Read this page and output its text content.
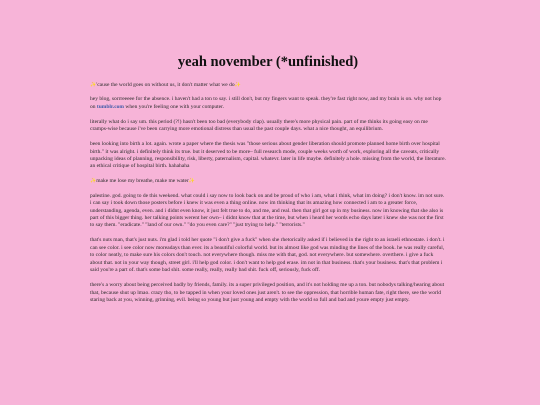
yeah november (*unfinished)

✨'cause the world goes on without us, it don't matter what we do✨

hey blog, sorrreeeee for the absence. i haven't had a ton to say. i still don't, but my fingers want to speak. they're fast right now, and my brain is on. why not hop on tumblr.com when you're feeling one with your computer.

literally what do i say um. this period (?!) hasn't been too bad (everybody clap). usually there's more physical pain. part of me thinks its going easy on me cramps-wise because i've been carrying more emotional distress than usual the past couple days. what a nice thought, an equilibrium.

been looking into birth a lot. again. wrote a paper where the thesis was "those serious about gender liberation should promote planned home birth over hospital birth." it was alright. i definitely think its true. but it deserved to be more– full research mode, couple weeks worth of work, exploring all the caveats, critically unpacking ideas of planning, responsibility, risk, liberty, paternalism, capital. whatevr. later in life maybe. definitely a hole. missing from the world, the literature. an ethical critique of hospital birth. hahahaha

✨make me lose my breathe, make me water✨

palestine. god. going to de this weekend. what could i say now to look back on and be proud of who i am, what i think, what im doing? i don't know. im not sure. i can say i took down those posters before i knew it was even a thing online. now im thinking that its amazing how connected i am to a greater force, understanding, agenda, even. and i didnt even know, it just felt true to do, and me, and real. then that girl got up in my business. now im knowing that she also is part of this bigger thing. her talking points werent her own– i didnt know that at the time, but when i heard her words echo days later i knew she was not the first to say them. "eradicate." "land of our own." "do you even care?" "just trying to help." "terrorists."

that's nuts man, that's just nuts. i'm glad i told her quote "i don't give a fuck" when she rhetorically asked if i believed in the right to an israeli ethnostate. i don't. i can see color. i see color now moreadays than ever. its a beautiful colorful world. but its almost like god was minding the lines of the book. he was really careful, to color neatly, to make sure his colors don't touch. not everywhere though. miss me with that, god. not everywhere. but somewhere. overthere. i give a fuck about that. not in your way though, street girl. i'll help god color. i don't want to help god erase. im not in that business. that's your business. that's that problem i said you're a part of. that's some bad shit. some really, really, really bad shit. fuck off, seriously, fuck off.

there's a worry about being perceived badly by friends, family. its a super privileged position, and it's not holding me up a ton. but nobodys talking/hearing about that, because shut up lmao. crazy tho, to be tapped in when your loved ones just aren't. to see the oppression, that horrible human fate, right there, see the world staring back at you, winning, grinning, evil. being so young but just young and empty with the world so full and bad and youre empty just empty.
